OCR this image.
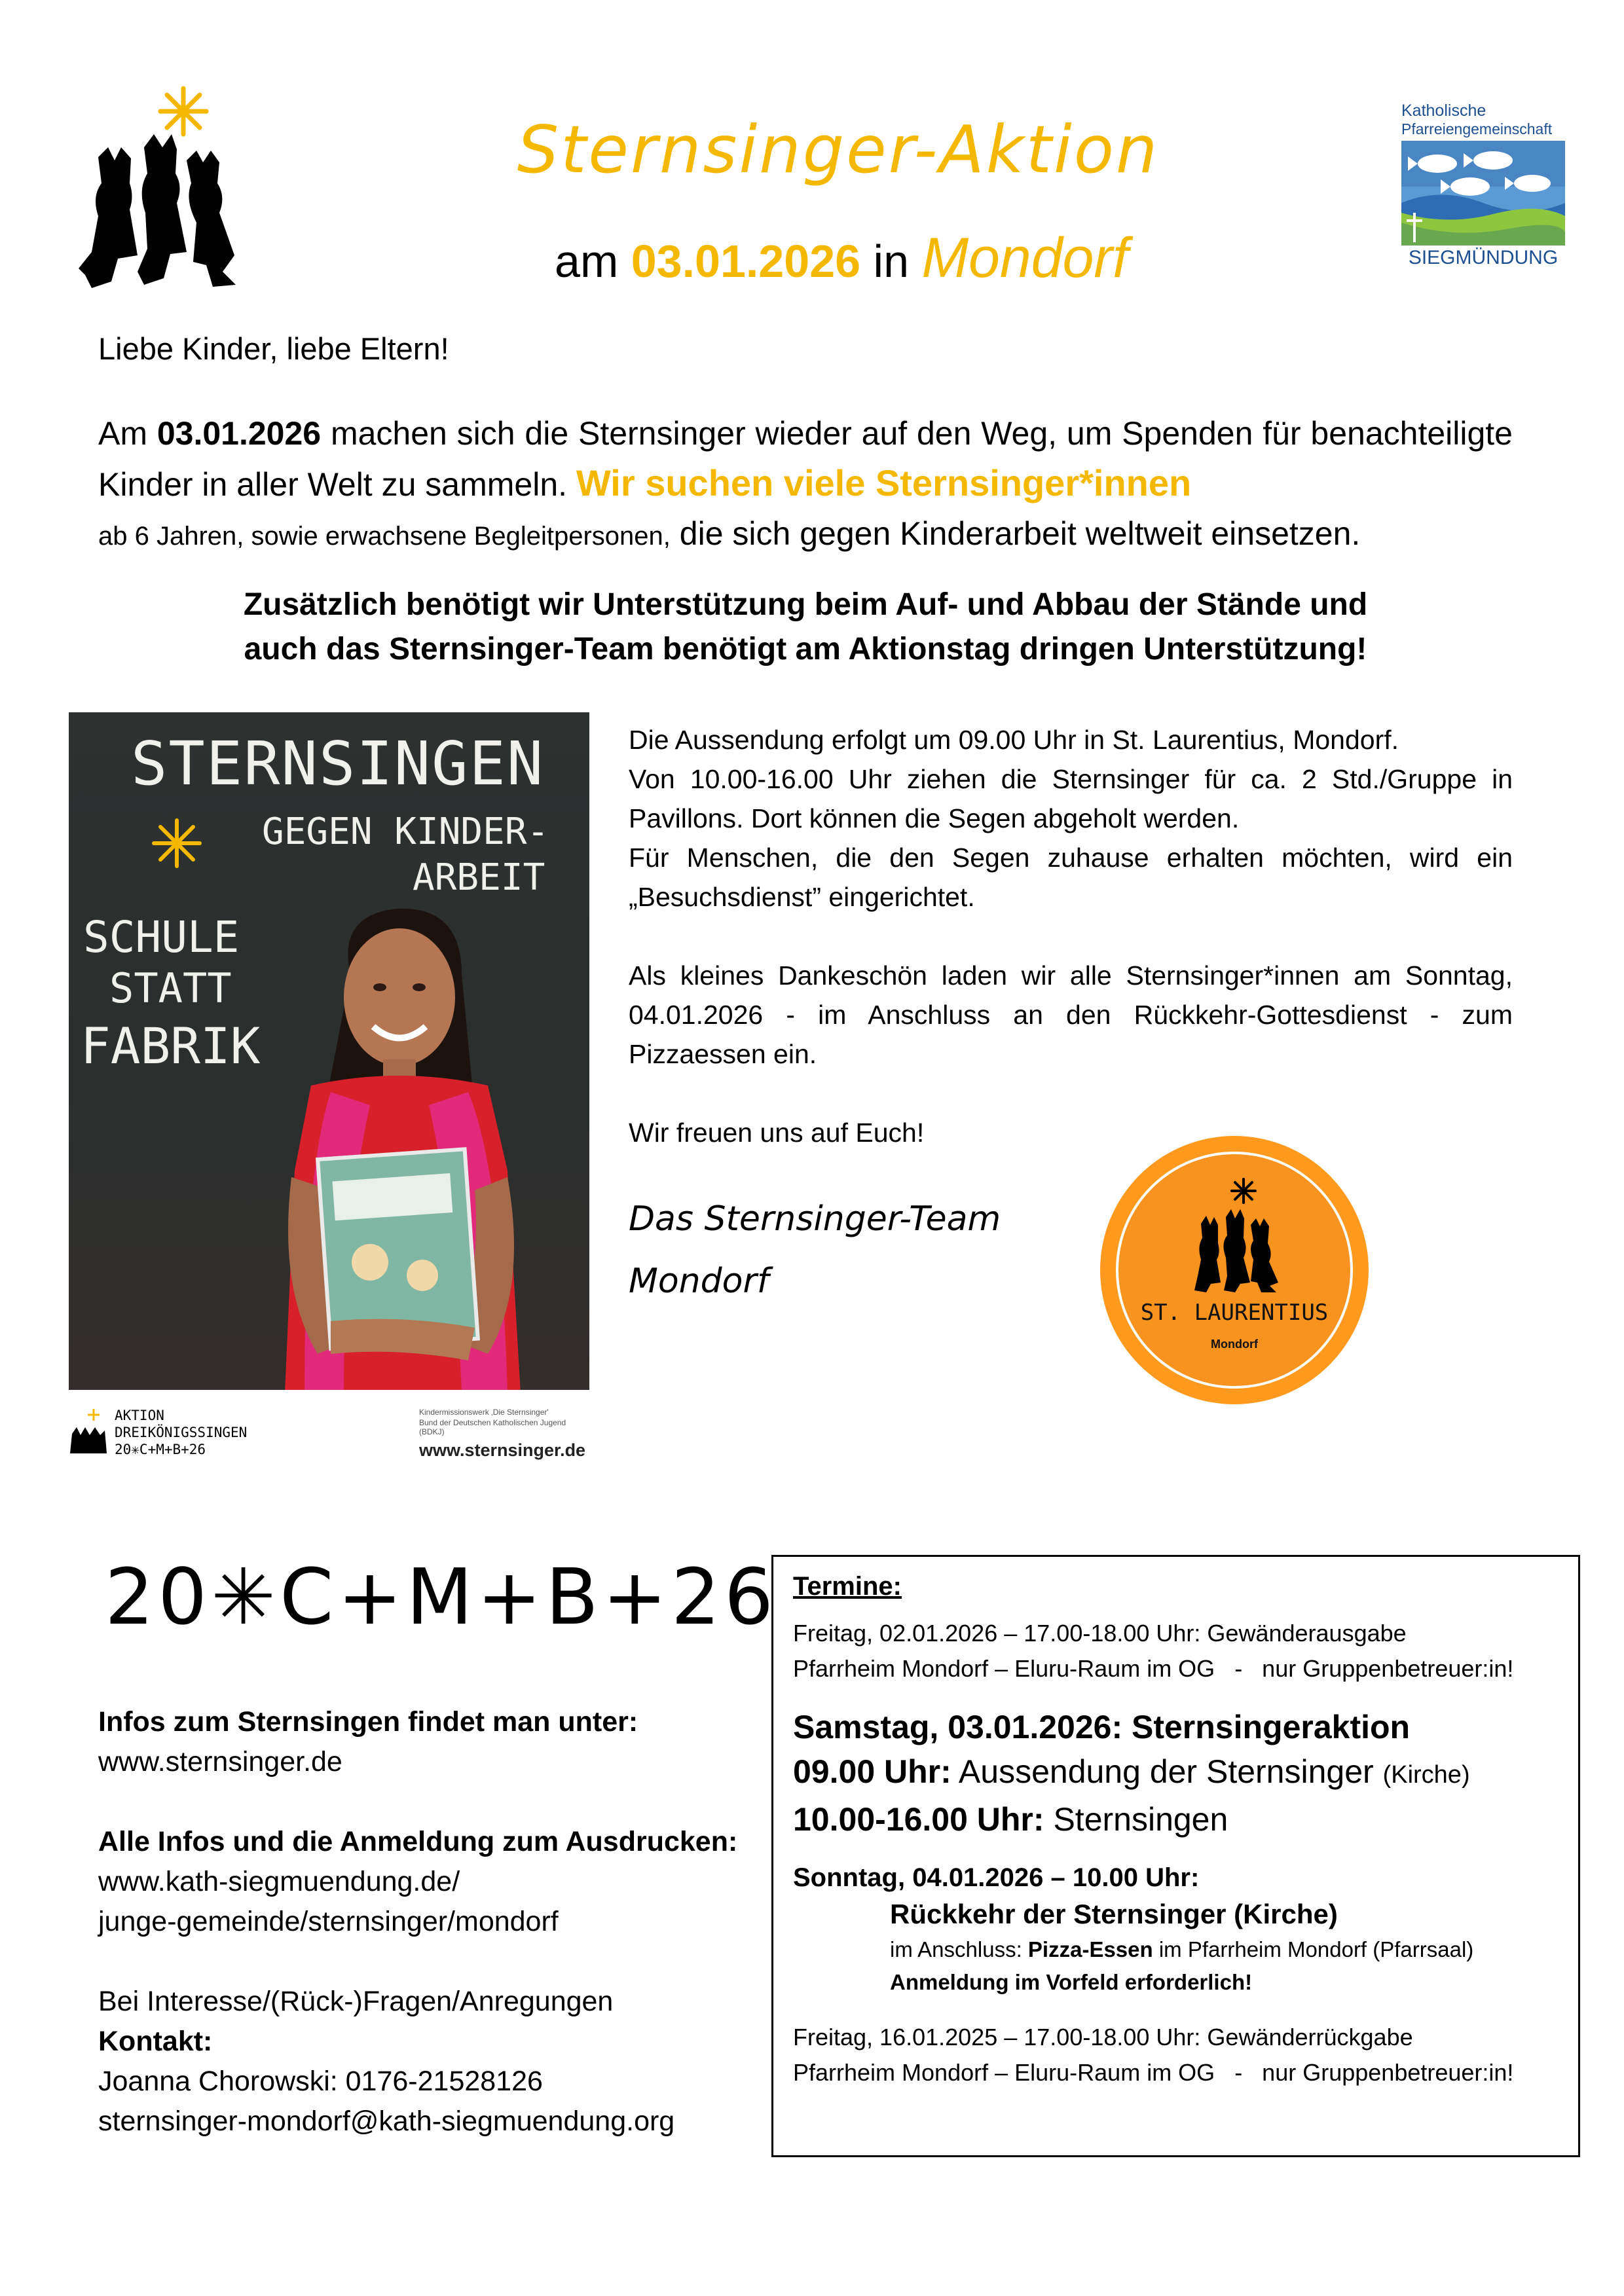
Sternsinger-Aktion
am 03.01.2026 in Mondorf
Katholische
Pfarreiengemeinschaft
SIEGMÜNDUNG
Liebe Kinder, liebe Eltern!
Am 03.01.2026 machen sich die Sternsinger wieder auf den Weg, um Spenden für benachteiligte Kinder in aller Welt zu sammeln. Wir suchen viele Sternsinger*innen
ab 6 Jahren, sowie erwachsene Begleitpersonen, die sich gegen Kinderarbeit weltweit einsetzen.
Zusätzlich benötigt wir Unterstützung beim Auf- und Abbau der Stände und
auch das Sternsinger-Team benötigt am Aktionstag dringen Unterstützung!
STERNSINGEN
GEGEN KINDER-
ARBEIT
SCHULE
STATT
FABRIK
AKTION
DREIKÖNIGSSINGEN
20✳C+M+B+26
Kindermissionswerk ‚Die Sternsinger'
Bund der Deutschen Katholischen Jugend (BDKJ)
www.sternsinger.de

Die Aussendung erfolgt um 09.00 Uhr in St. Laurentius, Mondorf.
Von 10.00-16.00 Uhr ziehen die Sternsinger für ca. 2 Std./Gruppe in Pavillons. Dort können die Segen abgeholt werden.
Für Menschen, die den Segen zuhause erhalten möchten, wird ein „Besuchsdienst” eingerichtet.

Als kleines Dankeschön laden wir alle Sternsinger*innen am Sonntag, 04.01.2026 - im Anschluss an den Rückkehr-Gottesdienst - zum Pizzaessen ein.

Wir freuen uns auf Euch!

Das Sternsinger-Team
Mondorf
ST. LAURENTIUS
Mondorf
20✳C+M+B+26
Infos zum Sternsingen findet man unter:
www.sternsinger.de
Alle Infos und die Anmeldung zum Ausdrucken:
www.kath-siegmuendung.de/
junge-gemeinde/sternsinger/mondorf
Bei Interesse/(Rück-)Fragen/Anregungen
Kontakt:
Joanna Chorowski: 0176-21528126
sternsinger-mondorf@kath-siegmuendung.org
Termine:
Freitag, 02.01.2026 – 17.00-18.00 Uhr: Gewänderausgabe
Pfarrheim Mondorf – Eluru-Raum im OG   -   nur Gruppenbetreuer:in!
Samstag, 03.01.2026: Sternsingeraktion
09.00 Uhr: Aussendung der Sternsinger (Kirche)
10.00-16.00 Uhr: Sternsingen
Sonntag, 04.01.2026 – 10.00 Uhr:
Rückkehr der Sternsinger (Kirche)
im Anschluss: Pizza-Essen im Pfarrheim Mondorf (Pfarrsaal)
Anmeldung im Vorfeld erforderlich!
Freitag, 16.01.2025 – 17.00-18.00 Uhr: Gewänderrückgabe
Pfarrheim Mondorf – Eluru-Raum im OG   -   nur Gruppenbetreuer:in!
